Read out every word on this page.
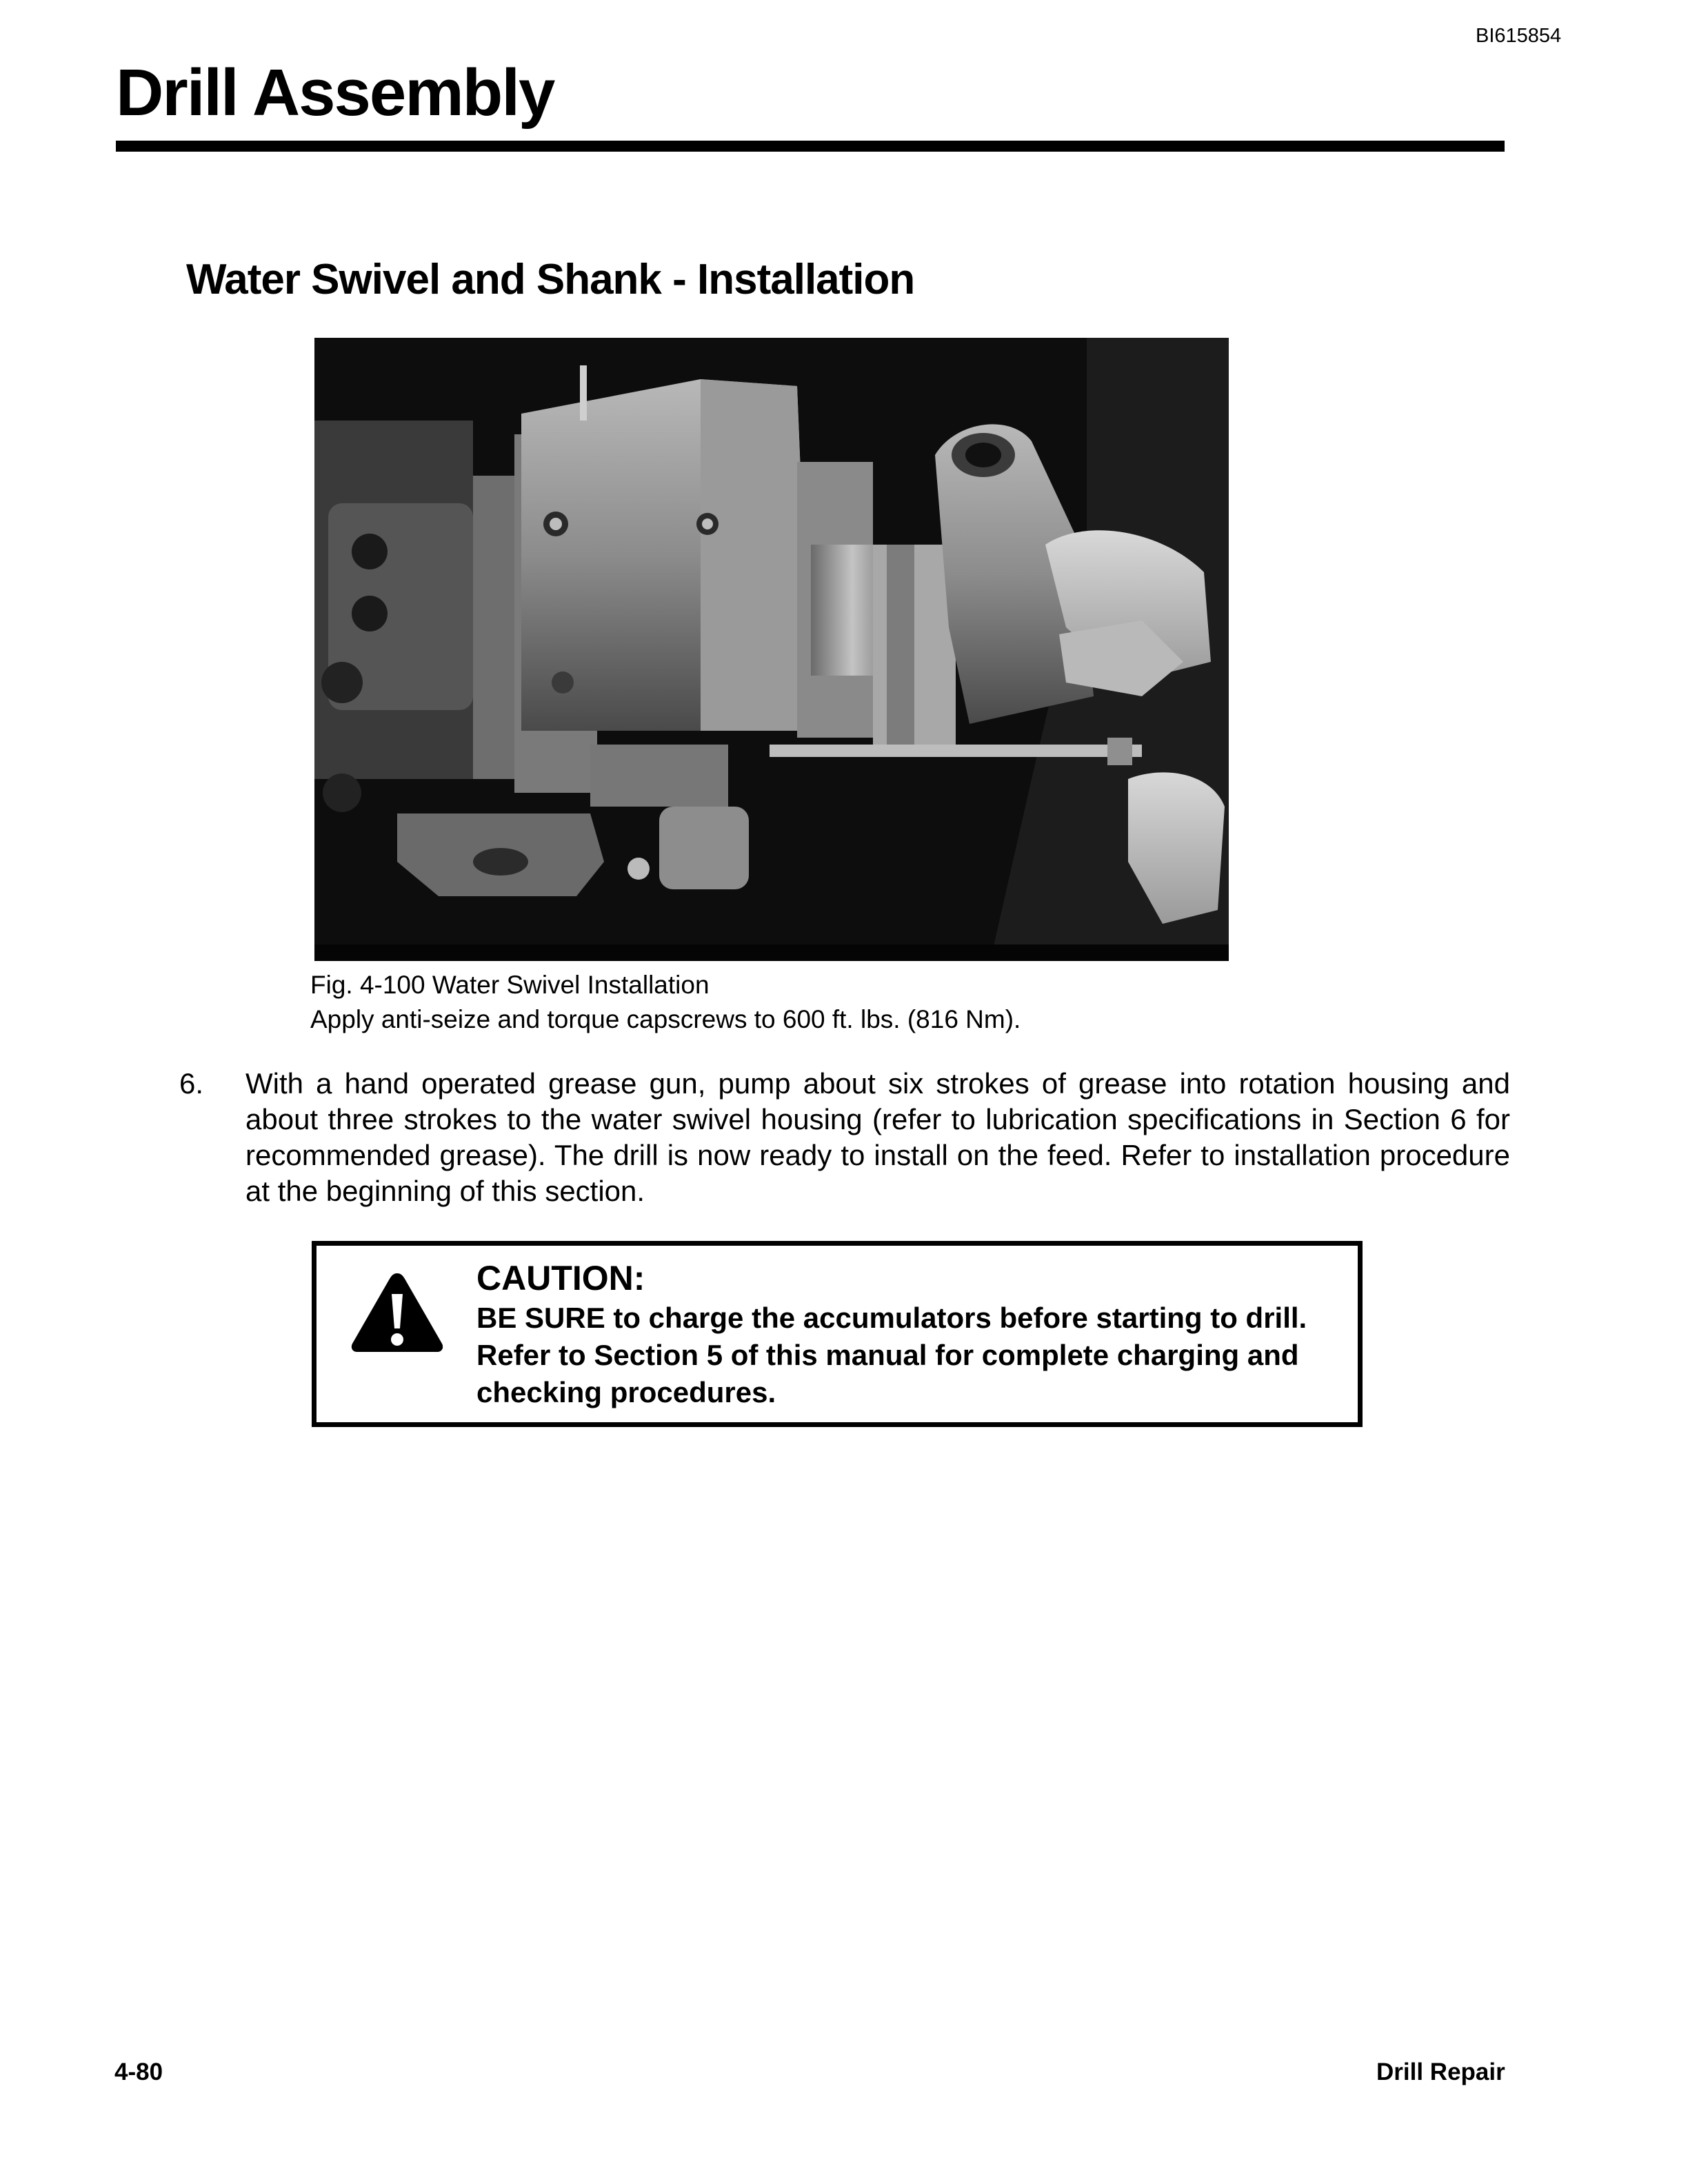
BI615854
Drill Assembly
Water Swivel and Shank - Installation
Fig. 4-100 Water Swivel Installation
Apply anti-seize and torque capscrews to 600 ft. lbs. (816 Nm).
6. With a hand operated grease gun, pump about six strokes of grease into rotation housing and about three strokes to the water swivel housing (refer to lubrication specifications in Section 6 for recommended grease). The drill is now ready to install on the feed. Refer to installation procedure at the beginning of this section.
CAUTION:
BE SURE to charge the accumulators before starting to drill. Refer to Section 5 of this manual for complete charging and checking procedures.
4-80	Drill Repair
